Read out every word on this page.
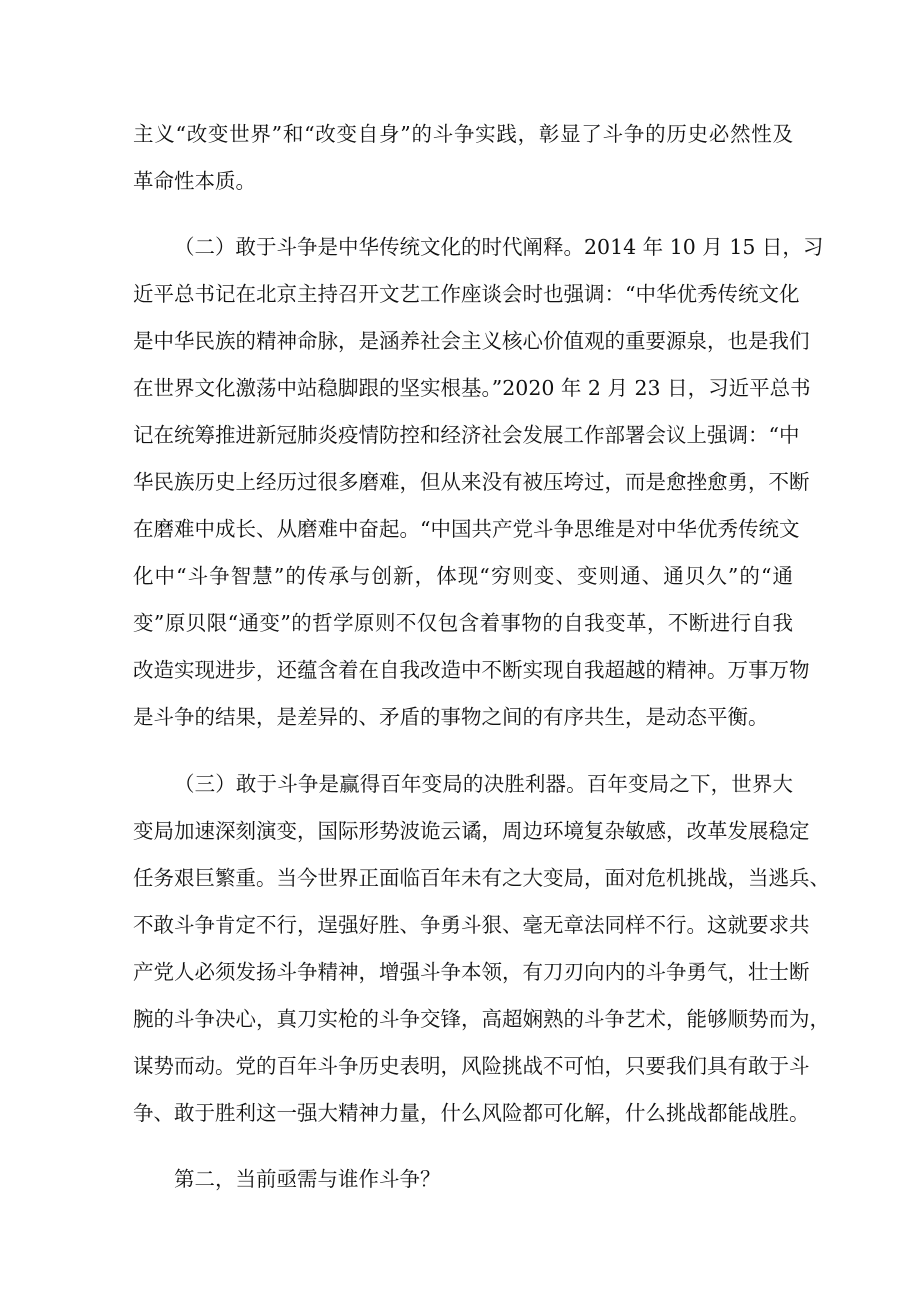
主义“改变世界”和“改变自身”的斗争实践，彰显了斗争的历史必然性及
革命性本质。
（二）敢于斗争是中华传统文化的时代阐释。2014 年 10 月 15 日，习
近平总书记在北京主持召开文艺工作座谈会时也强调：“中华优秀传统文化
是中华民族的精神命脉，是涵养社会主义核心价值观的重要源泉，也是我们
在世界文化激荡中站稳脚跟的坚实根基。”2020 年 2 月 23 日，习近平总书
记在统筹推进新冠肺炎疫情防控和经济社会发展工作部署会议上强调：“中
华民族历史上经历过很多磨难，但从来没有被压垮过，而是愈挫愈勇，不断
在磨难中成长、从磨难中奋起。“中国共产党斗争思维是对中华优秀传统文
化中“斗争智慧”的传承与创新，体现“穷则变、变则通、通贝久”的“通
变”原贝限“通变”的哲学原则不仅包含着事物的自我变革，不断进行自我
改造实现进步，还蕴含着在自我改造中不断实现自我超越的精神。万事万物
是斗争的结果，是差异的、矛盾的事物之间的有序共生，是动态平衡。
（三）敢于斗争是赢得百年变局的决胜利器。百年变局之下，世界大
变局加速深刻演变，国际形势波诡云谲，周边环境复杂敏感，改革发展稳定
任务艰巨繁重。当今世界正面临百年未有之大变局，面对危机挑战，当逃兵、
不敢斗争肯定不行，逞强好胜、争勇斗狠、毫无章法同样不行。这就要求共
产党人必须发扬斗争精神，增强斗争本领，有刀刃向内的斗争勇气，壮士断
腕的斗争决心，真刀实枪的斗争交锋，高超娴熟的斗争艺术，能够顺势而为，
谋势而动。党的百年斗争历史表明，风险挑战不可怕，只要我们具有敢于斗
争、敢于胜利这一强大精神力量，什么风险都可化解，什么挑战都能战胜。
第二，当前亟需与谁作斗争？
